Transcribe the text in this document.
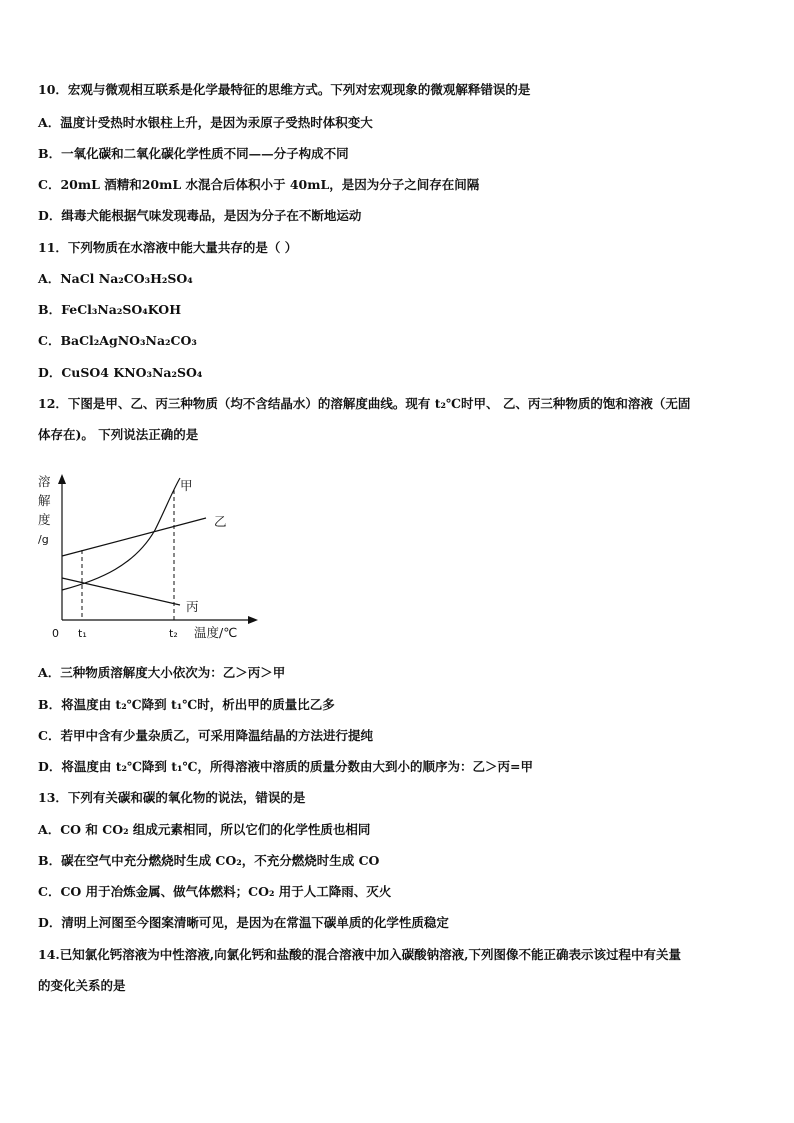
10．宏观与微观相互联系是化学最特征的思维方式。下列对宏观现象的微观解释错误的是
A．温度计受热时水银柱上升，是因为汞原子受热时体积变大
B．一氧化碳和二氧化碳化学性质不同——分子构成不同
C．20mL 酒精和20mL 水混合后体积小于 40mL，是因为分子之间存在间隔
D．缉毒犬能根据气味发现毒品，是因为分子在不断地运动
11．下列物质在水溶液中能大量共存的是（ ）
A．NaCl Na₂CO₃H₂SO₄
B．FeCl₃Na₂SO₄KOH
C．BaCl₂AgNO₃Na₂CO₃
D．CuSO4 KNO₃Na₂SO₄
12．下图是甲、乙、丙三种物质（均不含结晶水）的溶解度曲线。现有 t₂℃时甲、 乙、丙三种物质的饱和溶液（无固
体存在)。 下列说法正确的是
溶
解
度
/g
0 t₁	t₂ 温度/℃
甲
乙
丙
A．三种物质溶解度大小依次为：乙＞丙＞甲
B．将温度由 t₂℃降到 t₁℃时，析出甲的质量比乙多
C．若甲中含有少量杂质乙，可采用降温结晶的方法进行提纯
D．将温度由 t₂℃降到 t₁℃，所得溶液中溶质的质量分数由大到小的顺序为：乙＞丙=甲
13．下列有关碳和碳的氧化物的说法，错误的是
A．CO 和 CO₂ 组成元素相同，所以它们的化学性质也相同
B．碳在空气中充分燃烧时生成 CO₂，不充分燃烧时生成 CO
C．CO 用于冶炼金属、做气体燃料；CO₂ 用于人工降雨、灭火
D．清明上河图至今图案清晰可见，是因为在常温下碳单质的化学性质稳定
14.已知氯化钙溶液为中性溶液,向氯化钙和盐酸的混合溶液中加入碳酸钠溶液,下列图像不能正确表示该过程中有关量
的变化关系的是
